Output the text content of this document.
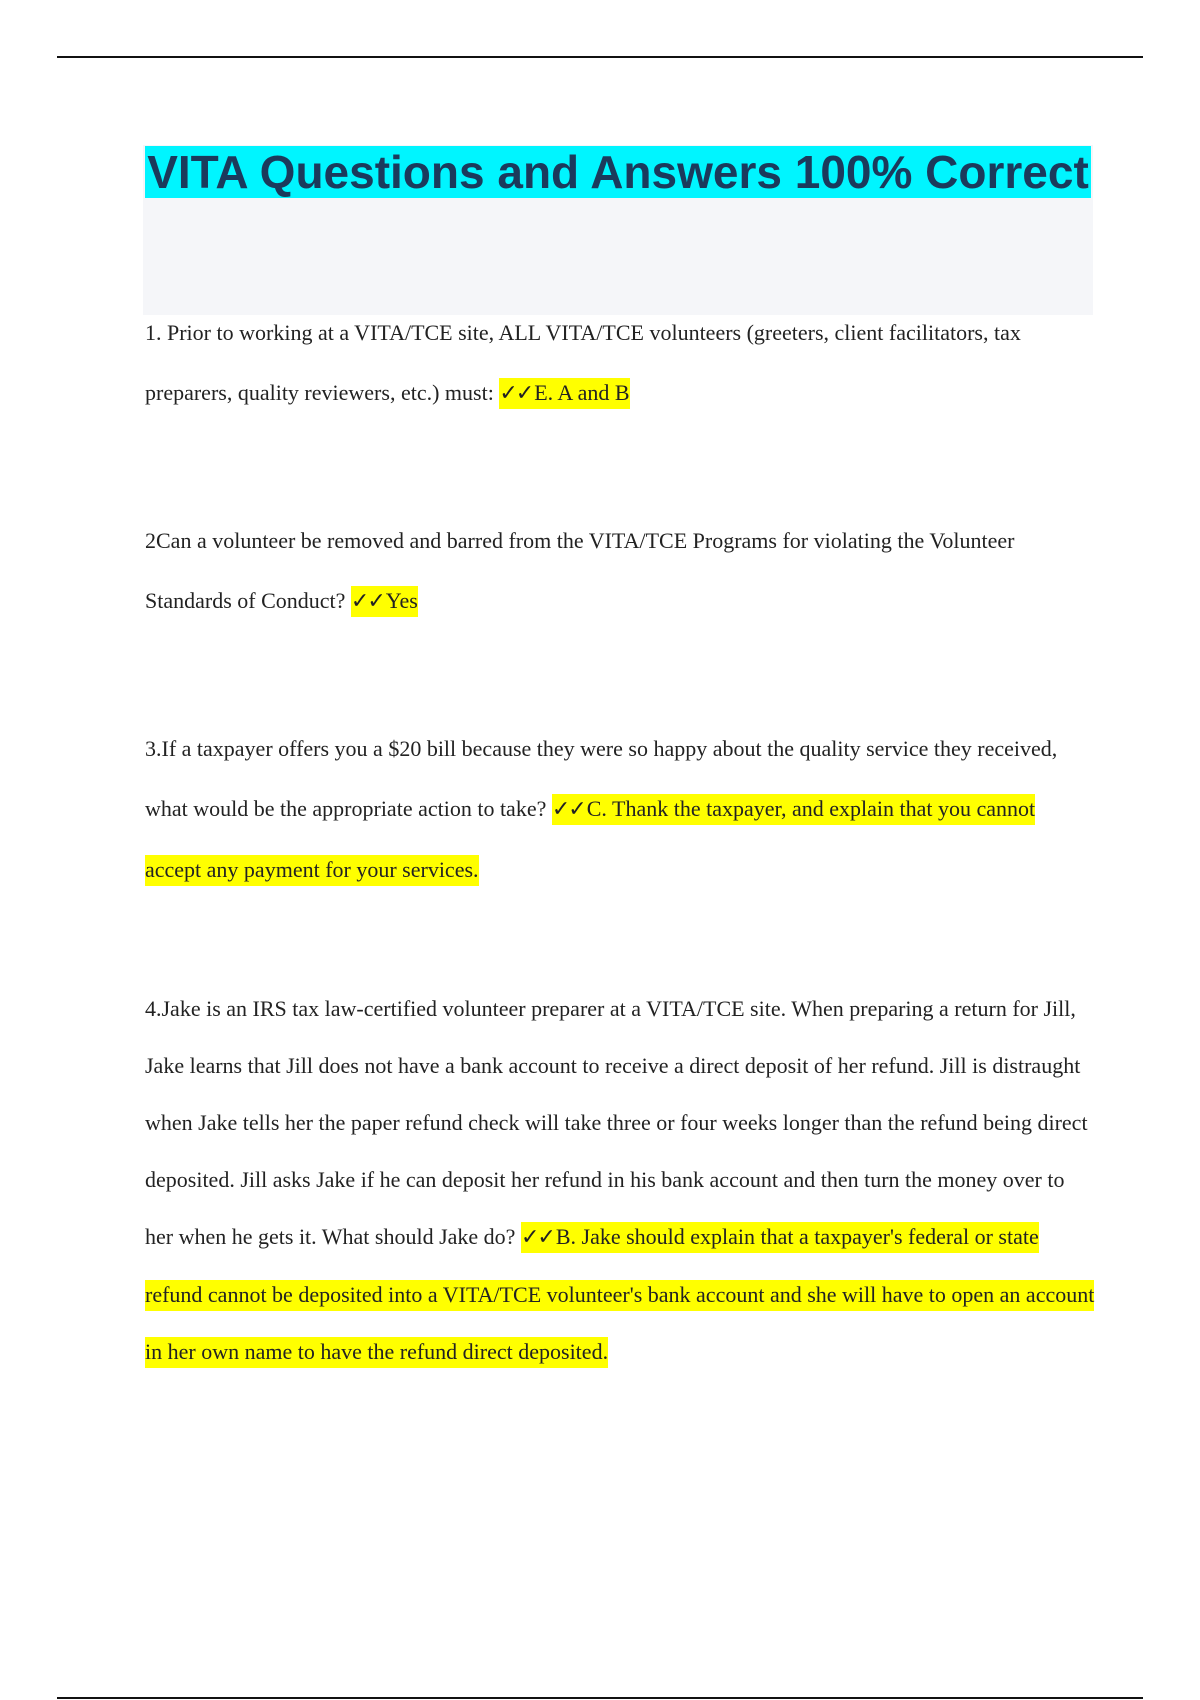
VITA Questions and Answers 100% Correct

1. Prior to working at a VITA/TCE site, ALL VITA/TCE volunteers (greeters, client facilitators, tax preparers, quality reviewers, etc.) must: ✓✓E. A and B

2Can a volunteer be removed and barred from the VITA/TCE Programs for violating the Volunteer Standards of Conduct? ✓✓Yes

3.If a taxpayer offers you a $20 bill because they were so happy about the quality service they received, what would be the appropriate action to take? ✓✓C. Thank the taxpayer, and explain that you cannot accept any payment for your services.

4.Jake is an IRS tax law-certified volunteer preparer at a VITA/TCE site. When preparing a return for Jill, Jake learns that Jill does not have a bank account to receive a direct deposit of her refund. Jill is distraught when Jake tells her the paper refund check will take three or four weeks longer than the refund being direct deposited. Jill asks Jake if he can deposit her refund in his bank account and then turn the money over to her when he gets it. What should Jake do? ✓✓B. Jake should explain that a taxpayer's federal or state refund cannot be deposited into a VITA/TCE volunteer's bank account and she will have to open an account in her own name to have the refund direct deposited.
